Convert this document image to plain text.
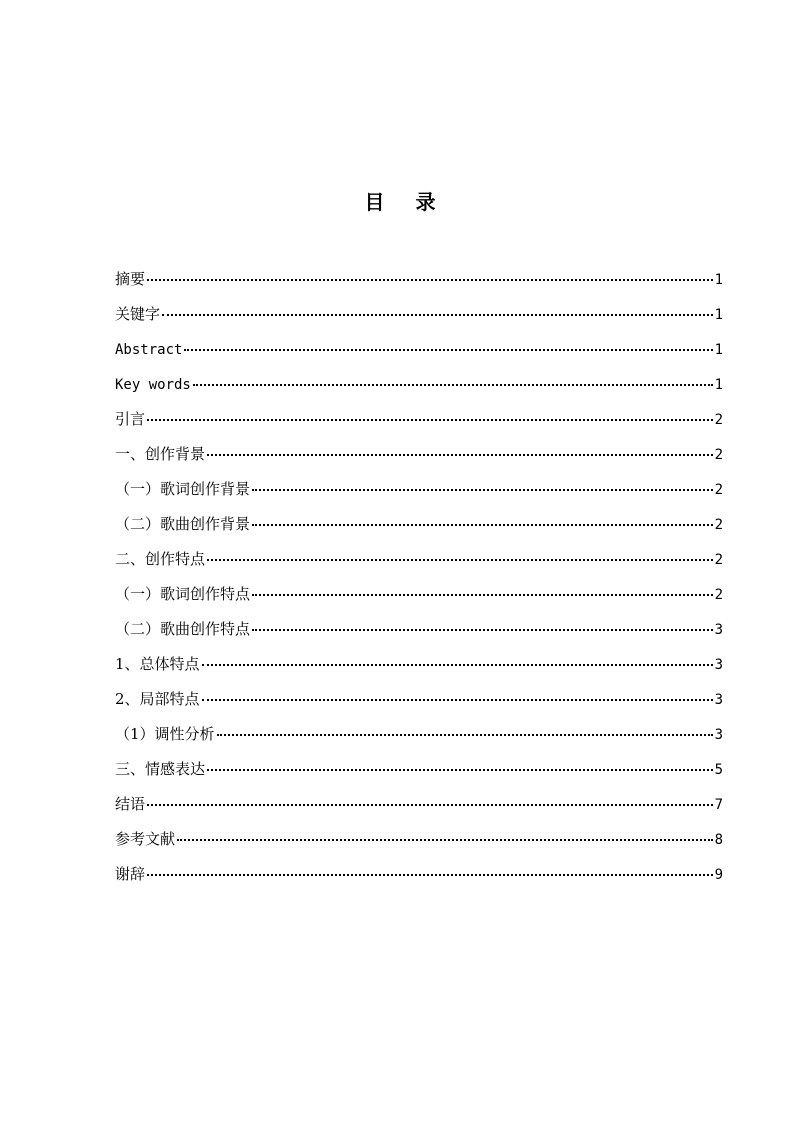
目 录
摘要	1
关键字	1
Abstract	1
Key words	1
引言	2
一、创作背景	2
（一）歌词创作背景	2
（二）歌曲创作背景	2
二、创作特点	2
（一）歌词创作特点	2
（二）歌曲创作特点	3
1、总体特点	3
2、局部特点	3
（1）调性分析	3
三、情感表达	5
结语	7
参考文献	8
谢辞	9
